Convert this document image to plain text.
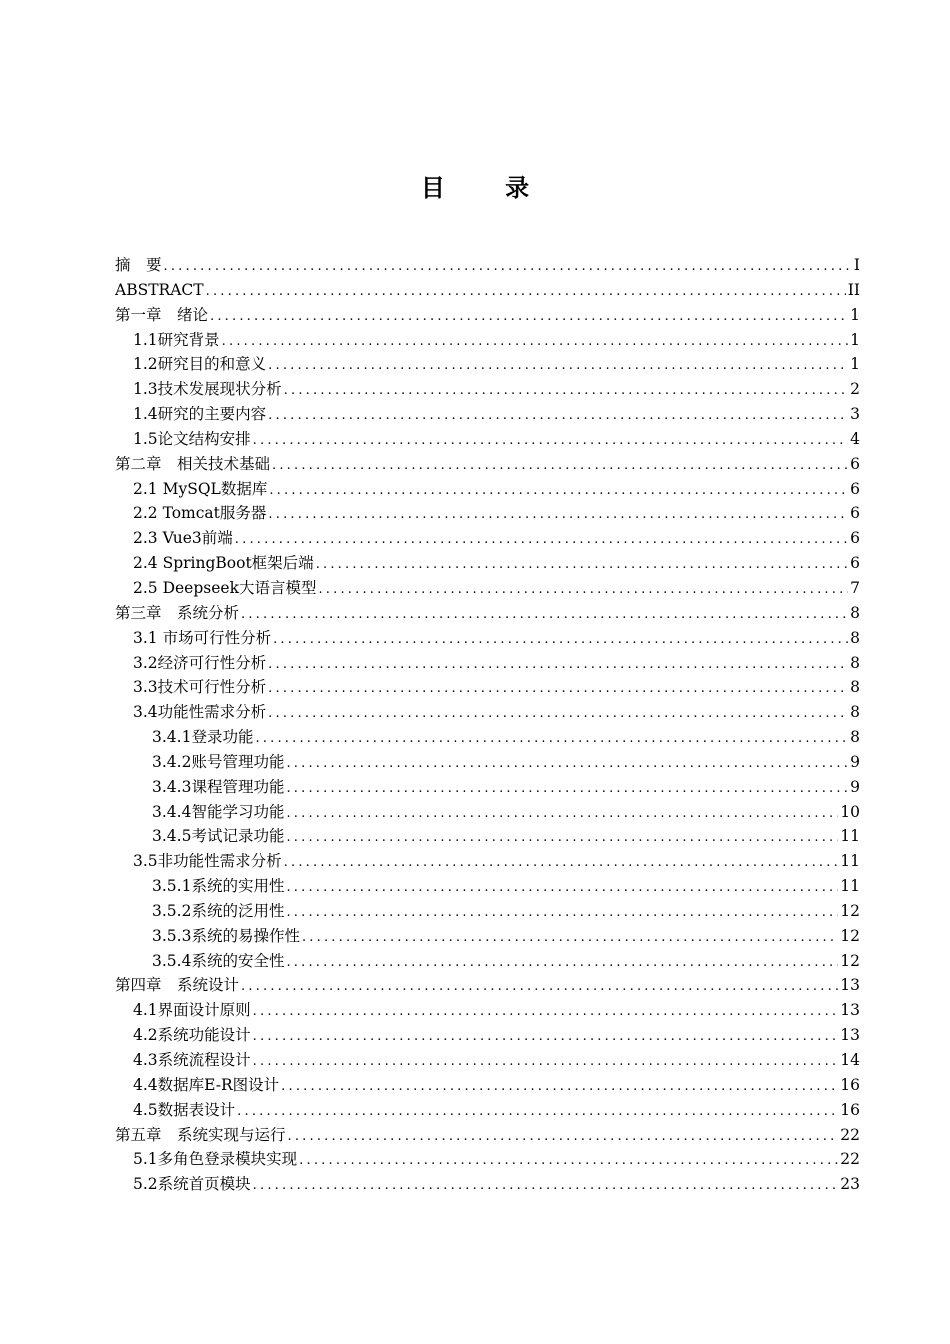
目 录
摘　要 .....	I
ABSTRACT .....	II
第一章　绪论 .....	1
1.1研究背景 .....	1
1.2研究目的和意义 .....	1
1.3技术发展现状分析 .....	2
1.4研究的主要内容 .....	3
1.5论文结构安排 .....	4
第二章　相关技术基础 .....	6
2.1 MySQL数据库 .....	6
2.2 Tomcat服务器 .....	6
2.3 Vue3前端 .....	6
2.4 SpringBoot框架后端 .....	6
2.5 Deepseek大语言模型 .....	7
第三章　系统分析 .....	8
3.1 市场可行性分析 .....	8
3.2经济可行性分析 .....	8
3.3技术可行性分析 .....	8
3.4功能性需求分析 .....	8
3.4.1登录功能 .....	8
3.4.2账号管理功能 .....	9
3.4.3课程管理功能 .....	9
3.4.4智能学习功能 .....	10
3.4.5考试记录功能 .....	11
3.5非功能性需求分析 .....	11
3.5.1系统的实用性 .....	11
3.5.2系统的泛用性 .....	12
3.5.3系统的易操作性 .....	12
3.5.4系统的安全性 .....	12
第四章　系统设计 .....	13
4.1界面设计原则 .....	13
4.2系统功能设计 .....	13
4.3系统流程设计 .....	14
4.4数据库E-R图设计 .....	16
4.5数据表设计 .....	16
第五章　系统实现与运行 .....	22
5.1多角色登录模块实现 .....	22
5.2系统首页模块 .....	23
